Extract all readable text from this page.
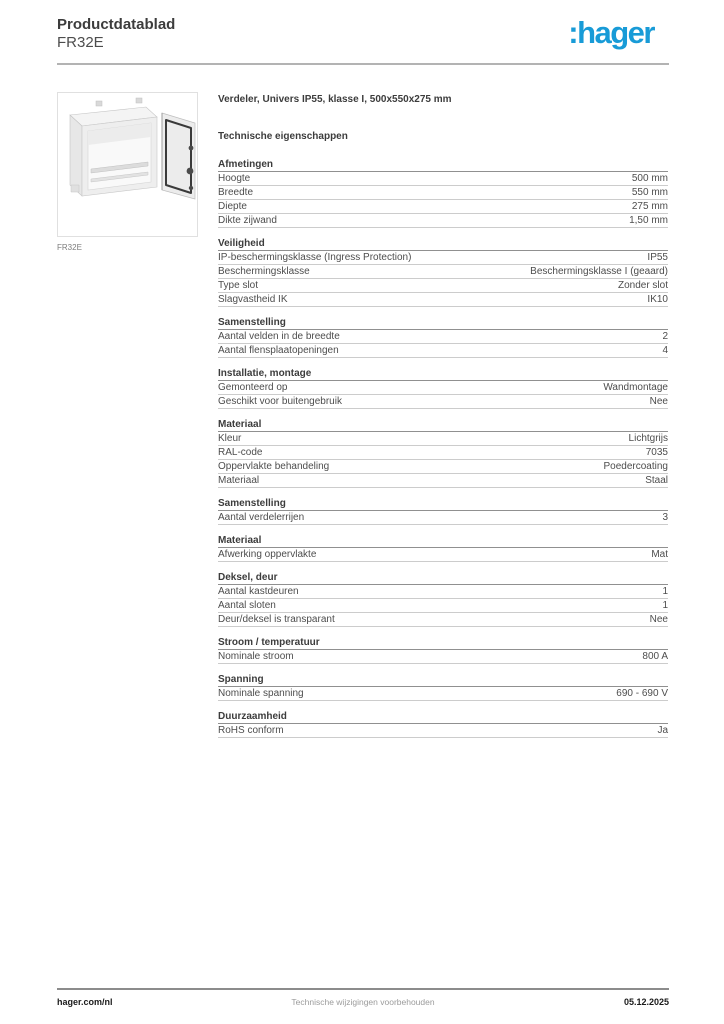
Productdatablad
FR32E	:hager
FR32E
Verdeler, Univers IP55, klasse I, 500x550x275 mm
Technische eigenschappen
Afmetingen
Hoogte	500 mm
Breedte	550 mm
Diepte	275 mm
Dikte zijwand	1,50 mm
Veiligheid
IP-beschermingsklasse (Ingress Protection)	IP55
Beschermingsklasse	Beschermingsklasse I (geaard)
Type slot	Zonder slot
Slagvastheid IK	IK10
Samenstelling
Aantal velden in de breedte	2
Aantal flensplaatopeningen	4
Installatie, montage
Gemonteerd op	Wandmontage
Geschikt voor buitengebruik	Nee
Materiaal
Kleur	Lichtgrijs
RAL-code	7035
Oppervlakte behandeling	Poedercoating
Materiaal	Staal
Samenstelling
Aantal verdelerrijen	3
Materiaal
Afwerking oppervlakte	Mat
Deksel, deur
Aantal kastdeuren	1
Aantal sloten	1
Deur/deksel is transparant	Nee
Stroom / temperatuur
Nominale stroom	800 A
Spanning
Nominale spanning	690 - 690 V
Duurzaamheid
RoHS conform	Ja
hager.com/nl	Technische wijzigingen voorbehouden	05.12.2025
